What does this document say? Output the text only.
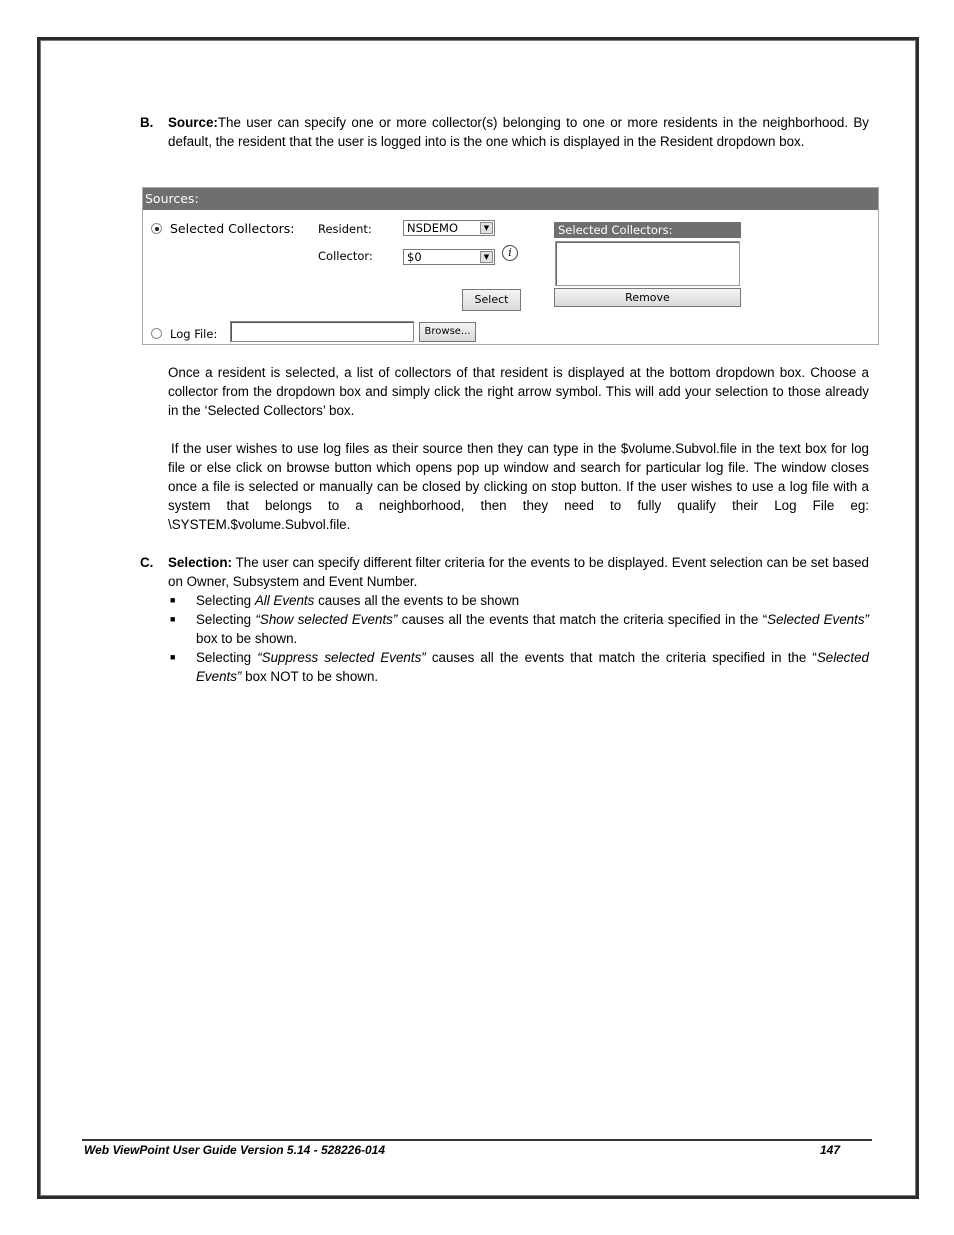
B. Source:The user can specify one or more collector(s) belonging to one or more residents in the neighborhood. By default, the resident that the user is logged into is the one which is displayed in the Resident dropdown box.
Sources:
Selected Collectors: Resident:	NSDEMO	▼
Collector:	$0	▼	i
Select
Selected Collectors:
Remove
Log File:	Browse...
Once a resident is selected, a list of collectors of that resident is displayed at the bottom dropdown box. Choose a collector from the dropdown box and simply click the right arrow symbol. This will add your selection to those already in the ‘Selected Collectors’ box.
If the user wishes to use log files as their source then they can type in the $volume.Subvol.file in the text box for log file or else click on browse button which opens pop up window and search for particular log file. The window closes once a file is selected or manually can be closed by clicking on stop button. If the user wishes to use a log file with a system that belongs to a neighborhood, then they need to fully qualify their Log File eg: \SYSTEM.$volume.Subvol.file.
C. Selection: The user can specify different filter criteria for the events to be displayed. Event selection can be set based on Owner, Subsystem and Event Number.
■ Selecting All Events causes all the events to be shown
■ Selecting “Show selected Events” causes all the events that match the criteria specified in the “Selected Events” box to be shown.
■ Selecting “Suppress selected Events” causes all the events that match the criteria specified in the “Selected Events” box NOT to be shown.
Web ViewPoint User Guide Version 5.14 - 528226-014	147
